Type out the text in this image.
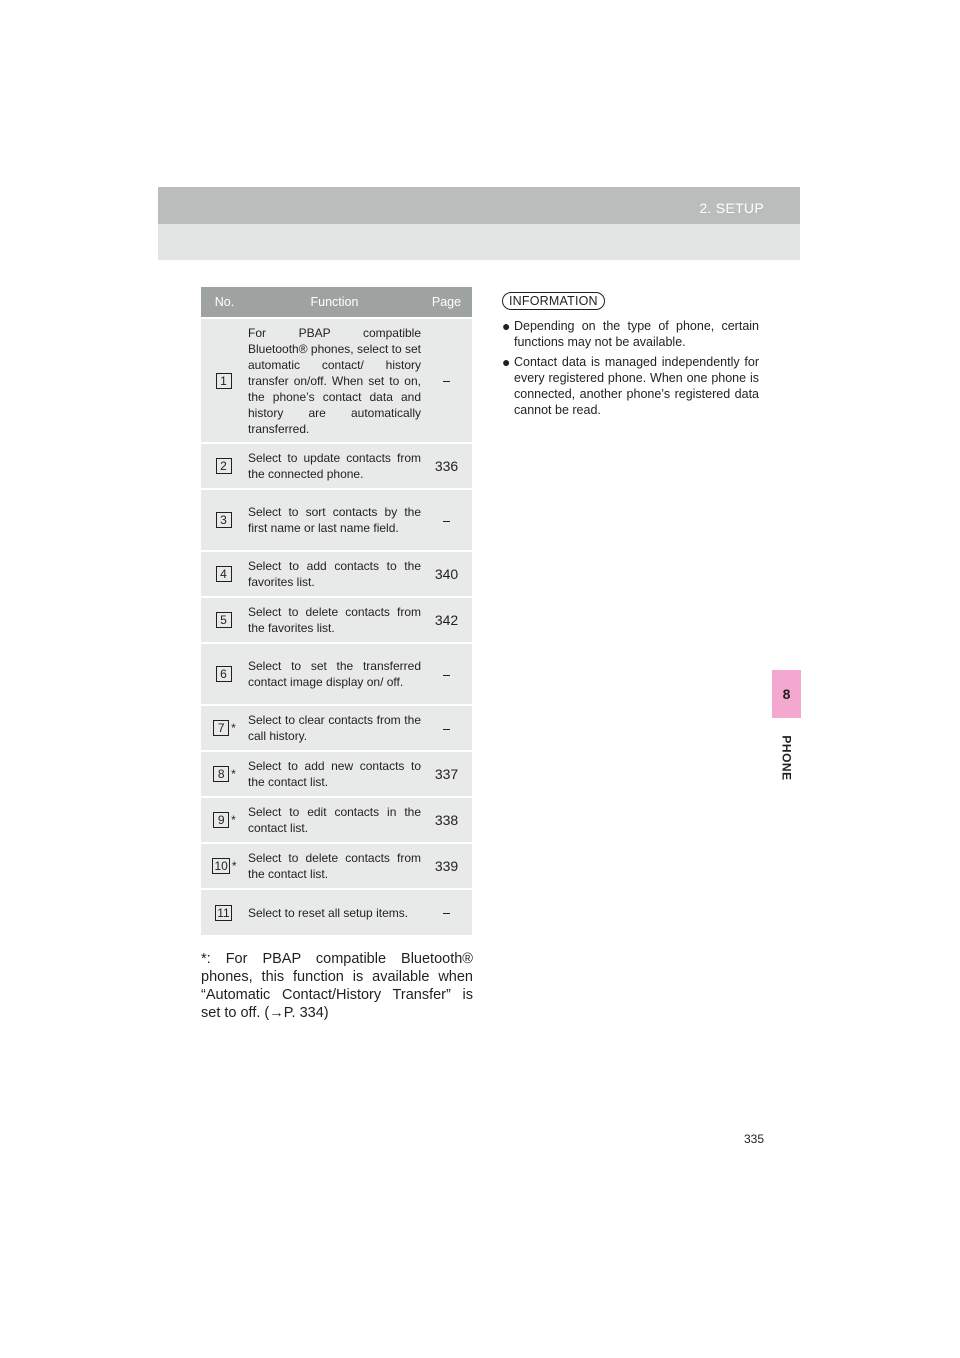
2. SETUP
8
PHONE
No.	Function	Page
1	For PBAP compatible Bluetooth® phones, select to set automatic contact/ history transfer on/off. When set to on, the phone’s contact data and history are automatically transferred.	⎯
2	Select to update contacts from the connected phone.	336
3	Select to sort contacts by the first name or last name field.	⎯
4	Select to add contacts to the favorites list.	340
5	Select to delete contacts from the favorites list.	342
6	Select to set the transferred contact image display on/ off.	⎯
7 *	Select to clear contacts from the call history.	⎯
8 *	Select to add new contacts to the contact list.	337
9 *	Select to edit contacts in the contact list.	338
10 *	Select to delete contacts from the contact list.	339
11	Select to reset all setup items.	⎯
*: For PBAP compatible Bluetooth® phones, this function is available when “Automatic Contact/History Transfer” is set to off. (→P. 334)
INFORMATION
● Depending on the type of phone, certain functions may not be available.
● Contact data is managed independently for every registered phone. When one phone is connected, another phone’s registered data cannot be read.
335
